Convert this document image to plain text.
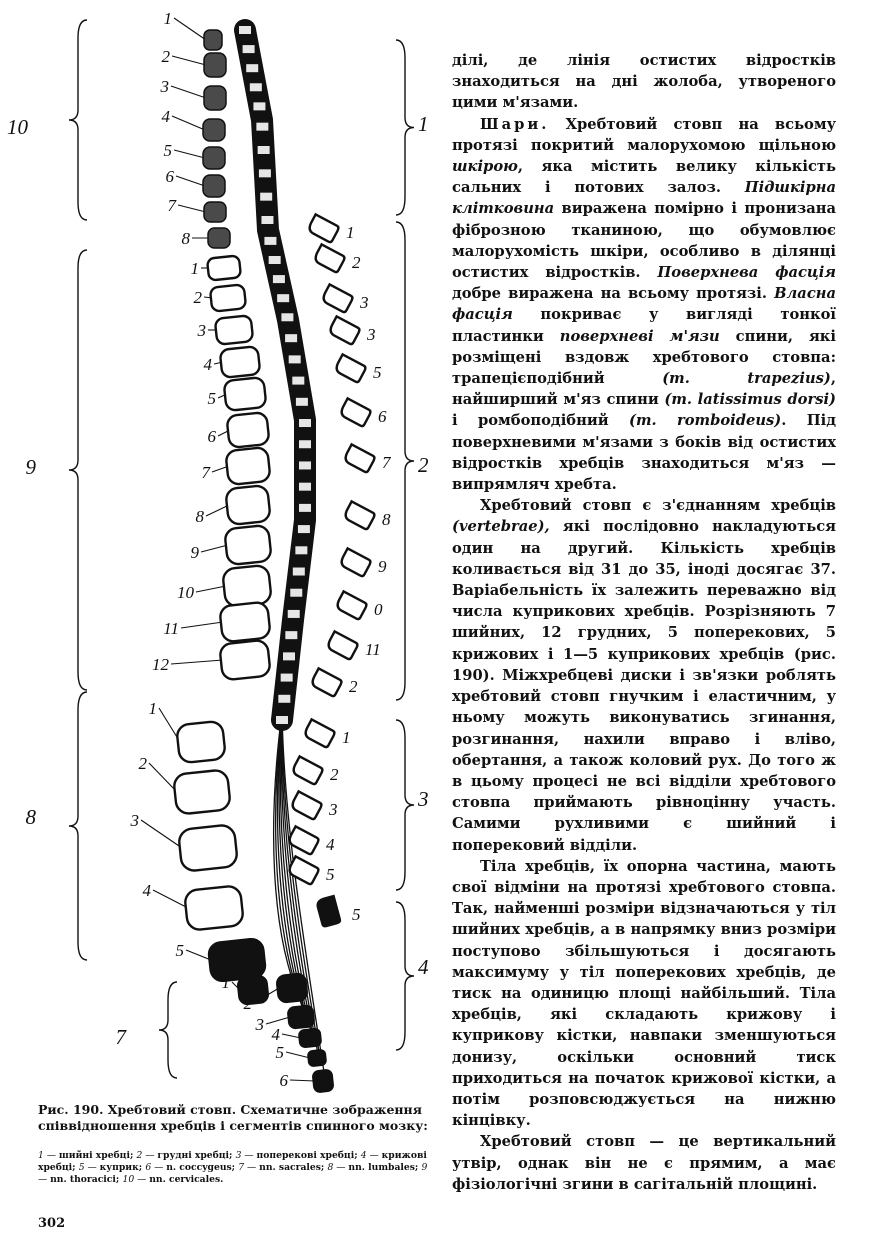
1
2
3
4
5
6
7
8
1
2
3
4
5
6
7
8
9
10
11
12
1
2
3
4
5
1
2
3
4
5
6
1
2
3
3
5
6
7
8
9
0
11
2
1
2
3
4
5
5
10
9
8
7
1
2
3
4
Рис. 190. Хребтовий стовп. Схематичне зображення співвідношення хребців і сегментів спинного мозку:
1 — шийні хребці; 2 — грудні хребці; 3 — поперекові хребці; 4 — крижові хребці; 5 — куприк; 6 — n. coccygeus; 7 — nn. sacrales; 8 — nn. lumbales; 9 — nn. thoracici; 10 — nn. cervicales.
302

ділі, де лінія остистих відростків знаходиться на дні жолоба, утвореного цими м'язами.

Шари. Хребтовий стовп на всьому протязі покритий малорухомою щільною шкірою, яка містить велику кількість сальних і потових залоз. Підшкірна клітковина виражена помірно і пронизана фіброзною тканиною, що обумовлює малорухомість шкіри, особливо в ділянці остистих відростків. Поверхнева фасція добре виражена на всьому протязі. Власна фасція покриває у вигляді тонкої пластинки поверхневі м'язи спини, які розміщені вздовж хребтового стовпа: трапецієподібний (m. trapezius), найширший м'яз спини (m. latissimus dorsi) і ромбоподібний (m. romboideus). Під поверхневими м'язами з боків від остистих відростків хребців знаходиться м'яз — випрямляч хребта.

Хребтовий стовп є з'єднанням хребців (vertebrae), які послідовно накладуються один на другий. Кількість хребців коливається від 31 до 35, іноді досягає 37. Варіабельність їх залежить переважно від числа куприкових хребців. Розрізняють 7 шийних, 12 грудних, 5 поперекових, 5 крижових і 1—5 куприкових хребців (рис. 190). Міжхребцеві диски і зв'язки роблять хребтовий стовп гнучким і еластичним, у ньому можуть виконуватись згинання, розгинання, нахили вправо і вліво, обертання, а також коловий рух. До того ж в цьому процесі не всі відділи хребтового стовпа приймають рівноцінну участь. Самими рухливими є шийний і поперековий відділи.

Тіла хребців, їх опорна частина, мають свої відміни на протязі хребтового стовпа. Так, найменші розміри відзначаються у тіл шийних хребців, а в напрямку вниз розміри поступово збільшуються і досягають максимуму у тіл поперекових хребців, де тиск на одиницю площі найбільший. Тіла хребців, які складають крижову і куприкову кістки, навпаки зменшуються донизу, оскільки основний тиск приходиться на початок крижової кістки, а потім розповсюджується на нижню кінцівку.

Хребтовий стовп — це вертикальний утвір, однак він не є прямим, а має фізіологічні згини в сагітальній площині.
